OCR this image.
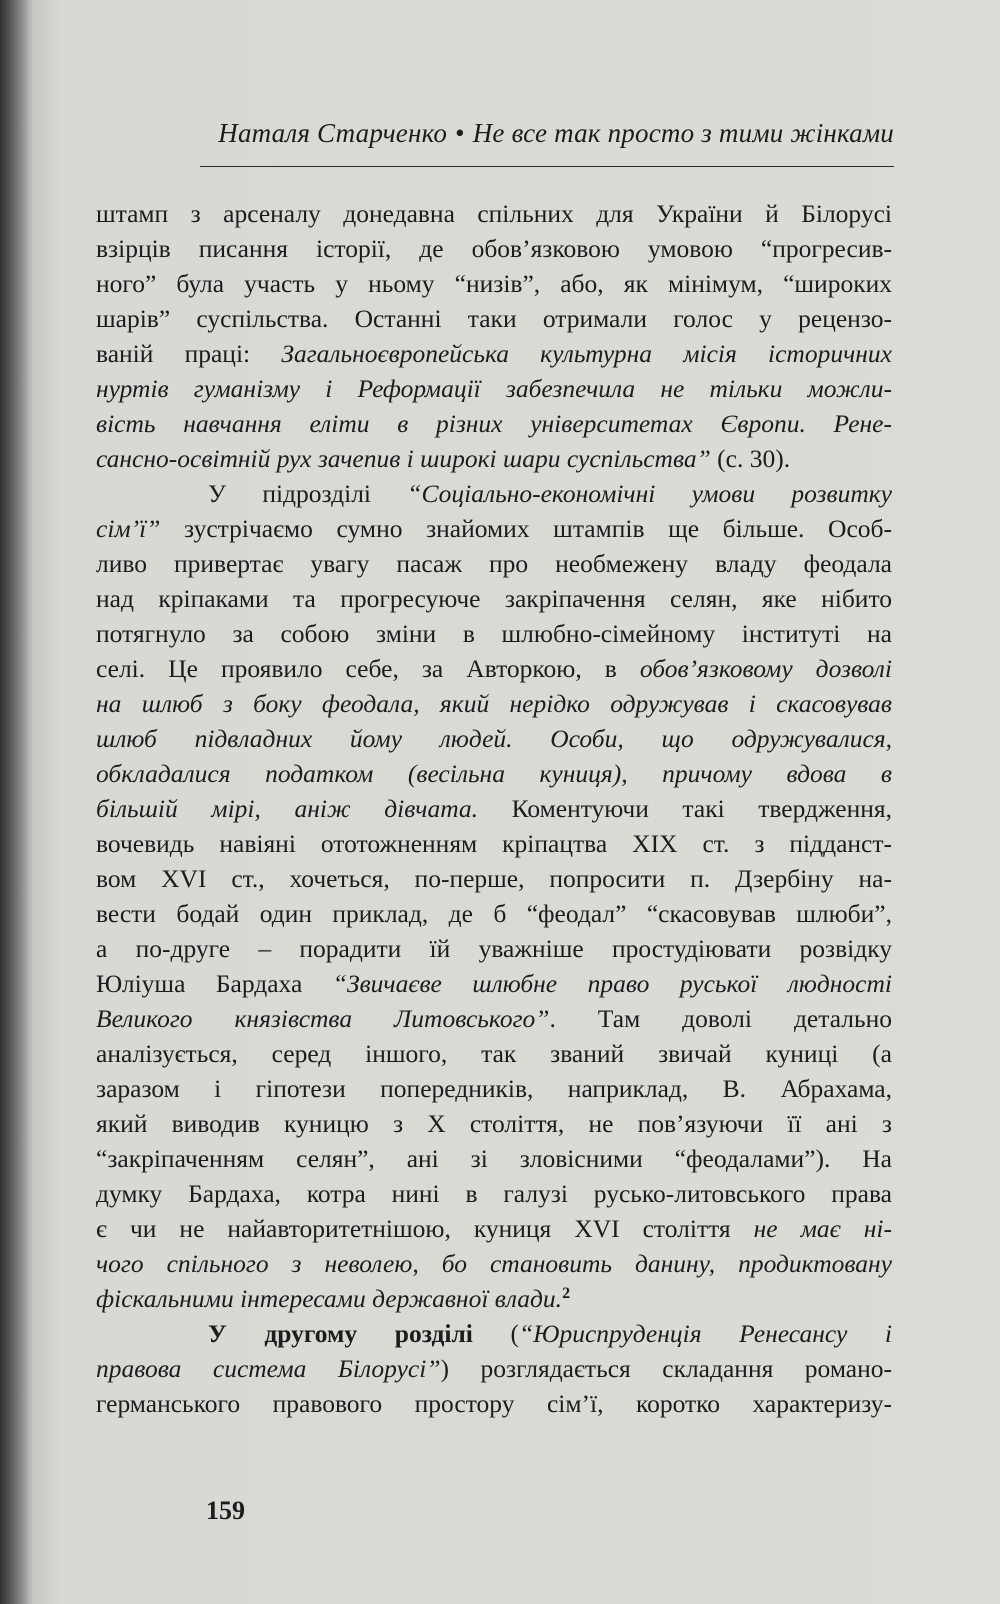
Наталя Старченко • Не все так просто з тими жінками
штамп з арсеналу донедавна спільних для України й Білорусі
взірців писання історії, де обов’язковою умовою “прогресив-
ного” була участь у ньому “низів”, або, як мінімум, “широких
шарів” суспільства. Останні таки отримали голос у рецензо-
ваній праці: Загальноєвропейська культурна місія історичних
нуртів гуманізму і Реформації забезпечила не тільки можли-
вість навчання еліти в різних університетах Європи. Рене-
сансно-освітній рух зачепив і широкі шари суспільства” (с. 30).
У підрозділі “Соціально-економічні умови розвитку
сім’ї” зустрічаємо сумно знайомих штампів ще більше. Особ-
ливо привертає увагу пасаж про необмежену владу феодала
над кріпаками та прогресуюче закріпачення селян, яке нібито
потягнуло за собою зміни в шлюбно-сімейному інституті на
селі. Це проявило себе, за Авторкою, в обов’язковому дозволі
на шлюб з боку феодала, який нерідко одружував і скасовував
шлюб підвладних йому людей. Особи, що одружувалися,
обкладалися податком (весільна куниця), причому вдова в
більшій мірі, аніж дівчата. Коментуючи такі твердження,
вочевидь навіяні ототожненням кріпацтва XIX ст. з підданст-
вом XVI ст., хочеться, по-перше, попросити п. Дзербіну на-
вести бодай один приклад, де б “феодал” “скасовував шлюби”,
а по-друге – порадити їй уважніше простудіювати розвідку
Юліуша Бардаха “Звичаєве шлюбне право руської людності
Великого князівства Литовського”. Там доволі детально
аналізується, серед іншого, так званий звичай куниці (а
заразом і гіпотези попередників, наприклад, В. Абрахама,
який виводив куницю з X століття, не пов’язуючи її ані з
“закріпаченням селян”, ані зі зловісними “феодалами”). На
думку Бардаха, котра нині в галузі русько-литовського права
є чи не найавторитетнішою, куниця XVI століття не має ні-
чого спільного з неволею, бо становить данину, продиктовану
фіскальними інтересами державної влади.$^2$
У другому розділі (“Юриспруденція Ренесансу і
правова система Білорусі”) розглядається складання романо-
германського правового простору сім’ї, коротко характеризу-
159
